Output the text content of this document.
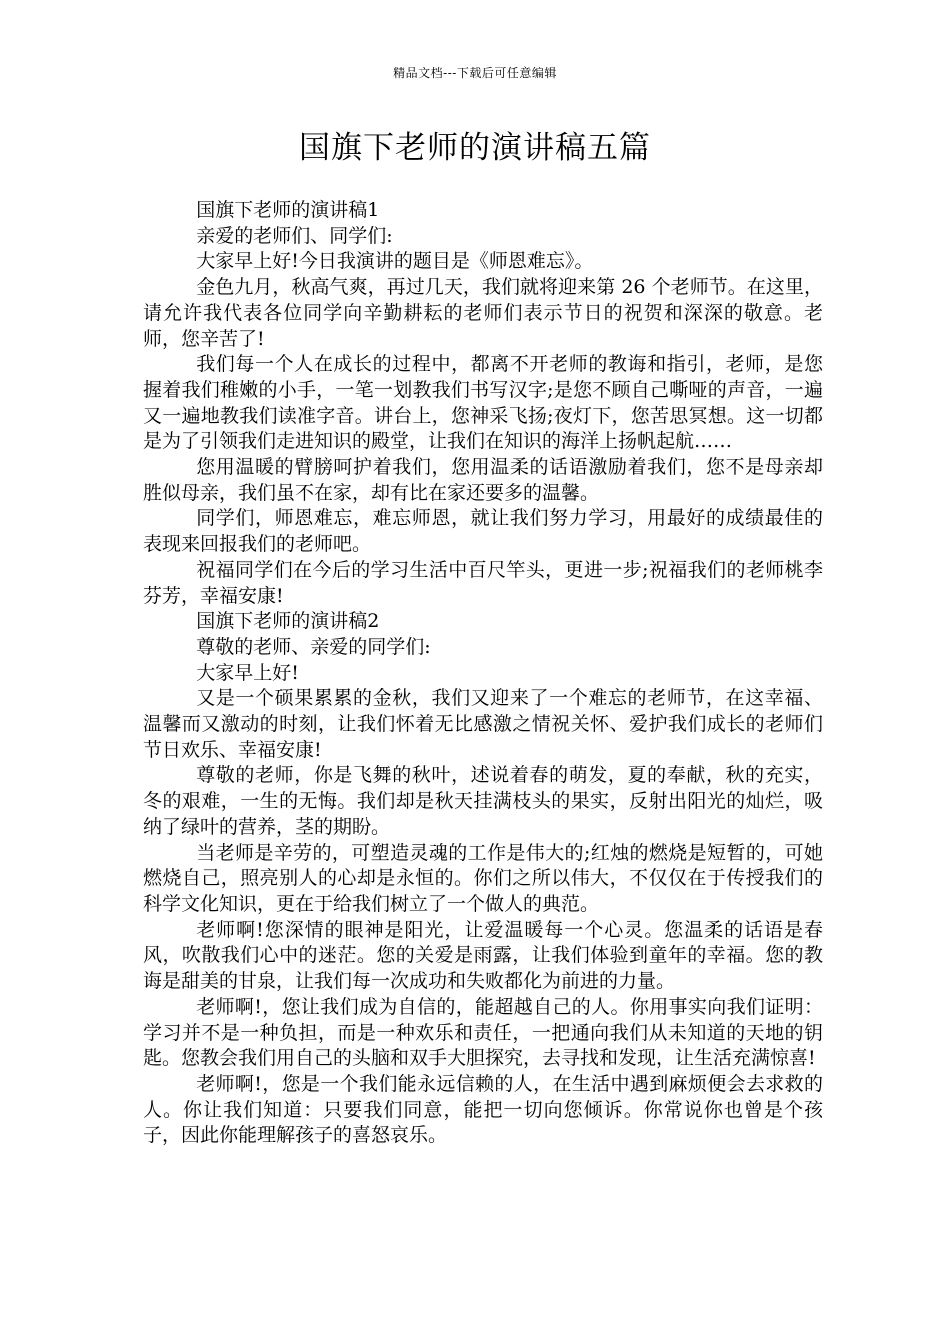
精品文档---下载后可任意编辑
国旗下老师的演讲稿五篇

国旗下老师的演讲稿1

亲爱的老师们、同学们:

大家早上好!今日我演讲的题目是《师恩难忘》。

金色九月，秋高气爽，再过几天，我们就将迎来第 26 个老师节。在这里，请允许我代表各位同学向辛勤耕耘的老师们表示节日的祝贺和深深的敬意。老师，您辛苦了!

我们每一个人在成长的过程中，都离不开老师的教诲和指引，老师，是您握着我们稚嫩的小手，一笔一划教我们书写汉字;是您不顾自己嘶哑的声音，一遍又一遍地教我们读准字音。讲台上，您神采飞扬;夜灯下，您苦思冥想。这一切都是为了引领我们走进知识的殿堂，让我们在知识的海洋上扬帆起航……

您用温暖的臂膀呵护着我们，您用温柔的话语激励着我们，您不是母亲却胜似母亲，我们虽不在家，却有比在家还要多的温馨。

同学们，师恩难忘，难忘师恩，就让我们努力学习，用最好的成绩最佳的表现来回报我们的老师吧。

祝福同学们在今后的学习生活中百尺竿头，更进一步;祝福我们的老师桃李芬芳，幸福安康!

国旗下老师的演讲稿2

尊敬的老师、亲爱的同学们:

大家早上好!

又是一个硕果累累的金秋，我们又迎来了一个难忘的老师节，在这幸福、温馨而又激动的时刻，让我们怀着无比感激之情祝关怀、爱护我们成长的老师们节日欢乐、幸福安康!

尊敬的老师，你是飞舞的秋叶，述说着春的萌发，夏的奉献，秋的充实，冬的艰难，一生的无悔。我们却是秋天挂满枝头的果实，反射出阳光的灿烂，吸纳了绿叶的营养，茎的期盼。

当老师是辛劳的，可塑造灵魂的工作是伟大的;红烛的燃烧是短暂的，可她燃烧自己，照亮别人的心却是永恒的。你们之所以伟大，不仅仅在于传授我们的科学文化知识，更在于给我们树立了一个做人的典范。

老师啊!您深情的眼神是阳光，让爱温暖每一个心灵。您温柔的话语是春风，吹散我们心中的迷茫。您的关爱是雨露，让我们体验到童年的幸福。您的教诲是甜美的甘泉，让我们每一次成功和失败都化为前进的力量。

老师啊!，您让我们成为自信的，能超越自己的人。你用事实向我们证明：学习并不是一种负担，而是一种欢乐和责任，一把通向我们从未知道的天地的钥匙。您教会我们用自己的头脑和双手大胆探究，去寻找和发现，让生活充满惊喜!

老师啊!，您是一个我们能永远信赖的人，在生活中遇到麻烦便会去求救的人。你让我们知道：只要我们同意，能把一切向您倾诉。你常说你也曾是个孩子，因此你能理解孩子的喜怒哀乐。
